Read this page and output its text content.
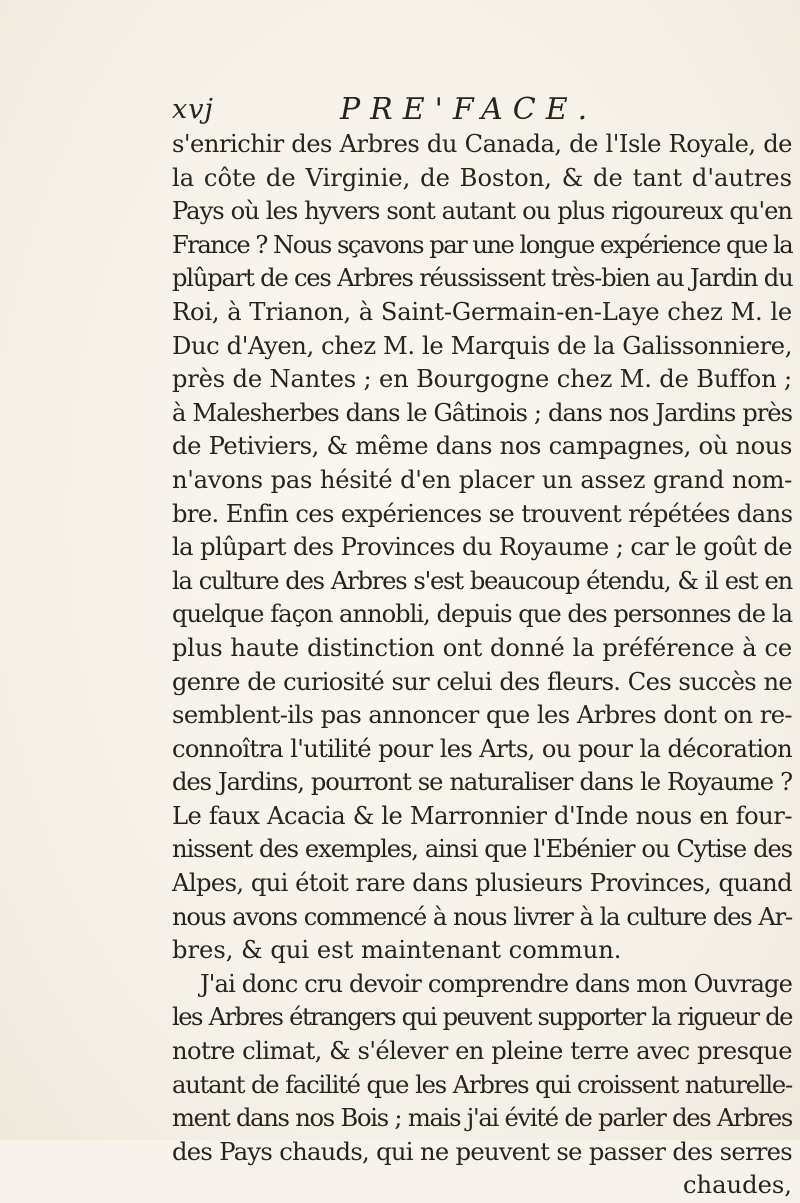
xvj	PRE'FACE.
s'enrichir des Arbres du Canada, de l'Isle Royale, de
la côte de Virginie, de Boston, & de tant d'autres
Pays où les hyvers sont autant ou plus rigoureux qu'en
France ? Nous sçavons par une longue expérience que la
plûpart de ces Arbres réussissent très-bien au Jardin du
Roi, à Trianon, à Saint-Germain-en-Laye chez M. le
Duc d'Ayen, chez M. le Marquis de la Galissonniere,
près de Nantes ; en Bourgogne chez M. de Buffon ;
à Malesherbes dans le Gâtinois ; dans nos Jardins près
de Petiviers, & même dans nos campagnes, où nous
n'avons pas hésité d'en placer un assez grand nom-
bre. Enfin ces expériences se trouvent répétées dans
la plûpart des Provinces du Royaume ; car le goût de
la culture des Arbres s'est beaucoup étendu, & il est en
quelque façon annobli, depuis que des personnes de la
plus haute distinction ont donné la préférence à ce
genre de curiosité sur celui des fleurs. Ces succès ne
semblent-ils pas annoncer que les Arbres dont on re-
connoîtra l'utilité pour les Arts, ou pour la décoration
des Jardins, pourront se naturaliser dans le Royaume ?
Le faux Acacia & le Marronnier d'Inde nous en four-
nissent des exemples, ainsi que l'Ebénier ou Cytise des
Alpes, qui étoit rare dans plusieurs Provinces, quand
nous avons commencé à nous livrer à la culture des Ar-
bres, & qui est maintenant commun.
J'ai donc cru devoir comprendre dans mon Ouvrage
les Arbres étrangers qui peuvent supporter la rigueur de
notre climat, & s'élever en pleine terre avec presque
autant de facilité que les Arbres qui croissent naturelle-
ment dans nos Bois ; mais j'ai évité de parler des Arbres
des Pays chauds, qui ne peuvent se passer des serres
chaudes,
